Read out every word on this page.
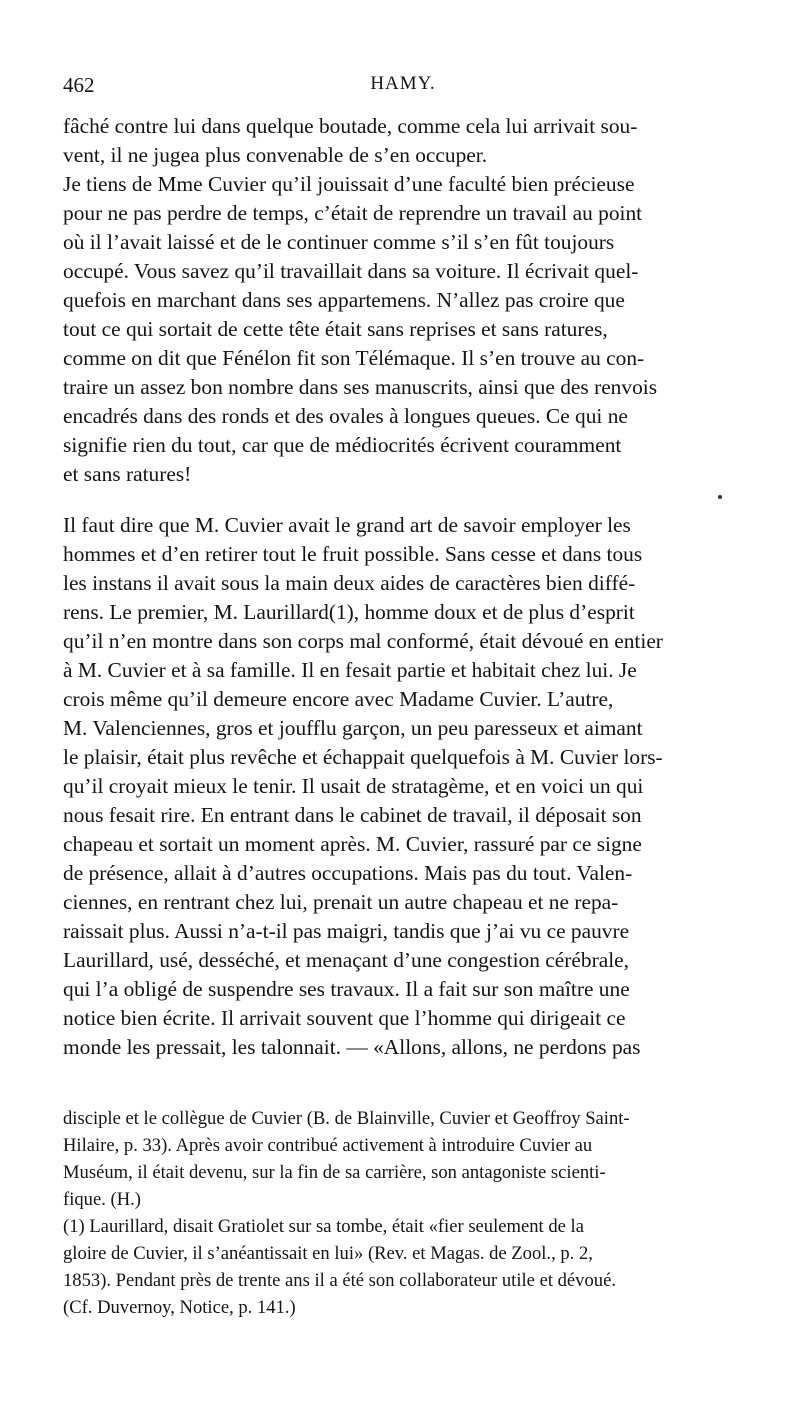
462	HAMY.
fâché contre lui dans quelque boutade, comme cela lui arrivait sou-
vent, il ne jugea plus convenable de s’en occuper.
Je tiens de Mme Cuvier qu’il jouissait d’une faculté bien précieuse
pour ne pas perdre de temps, c’était de reprendre un travail au point
où il l’avait laissé et de le continuer comme s’il s’en fût toujours
occupé. Vous savez qu’il travaillait dans sa voiture. Il écrivait quel-
quefois en marchant dans ses appartemens. N’allez pas croire que
tout ce qui sortait de cette tête était sans reprises et sans ratures,
comme on dit que Fénélon fit son Télémaque. Il s’en trouve au con-
traire un assez bon nombre dans ses manuscrits, ainsi que des renvois
encadrés dans des ronds et des ovales à longues queues. Ce qui ne
signifie rien du tout, car que de médiocrités écrivent couramment
et sans ratures!
Il faut dire que M. Cuvier avait le grand art de savoir employer les
hommes et d’en retirer tout le fruit possible. Sans cesse et dans tous
les instans il avait sous la main deux aides de caractères bien diffé-
rens. Le premier, M. Laurillard(1), homme doux et de plus d’esprit
qu’il n’en montre dans son corps mal conformé, était dévoué en entier
à M. Cuvier et à sa famille. Il en fesait partie et habitait chez lui. Je
crois même qu’il demeure encore avec Madame Cuvier. L’autre,
M. Valenciennes, gros et joufflu garçon, un peu paresseux et aimant
le plaisir, était plus revêche et échappait quelquefois à M. Cuvier lors-
qu’il croyait mieux le tenir. Il usait de stratagème, et en voici un qui
nous fesait rire. En entrant dans le cabinet de travail, il déposait son
chapeau et sortait un moment après. M. Cuvier, rassuré par ce signe
de présence, allait à d’autres occupations. Mais pas du tout. Valen-
ciennes, en rentrant chez lui, prenait un autre chapeau et ne repa-
raissait plus. Aussi n’a-t-il pas maigri, tandis que j’ai vu ce pauvre
Laurillard, usé, desséché, et menaçant d’une congestion cérébrale,
qui l’a obligé de suspendre ses travaux. Il a fait sur son maître une
notice bien écrite. Il arrivait souvent que l’homme qui dirigeait ce
monde les pressait, les talonnait. — «Allons, allons, ne perdons pas
disciple et le collègue de Cuvier (B. de Blainville, Cuvier et Geoffroy Saint-
Hilaire, p. 33). Après avoir contribué activement à introduire Cuvier au
Muséum, il était devenu, sur la fin de sa carrière, son antagoniste scienti-
fique. (H.)
(1) Laurillard, disait Gratiolet sur sa tombe, était «fier seulement de la
gloire de Cuvier, il s’anéantissait en lui» (Rev. et Magas. de Zool., p. 2,
1853). Pendant près de trente ans il a été son collaborateur utile et dévoué.
(Cf. Duvernoy, Notice, p. 141.)
